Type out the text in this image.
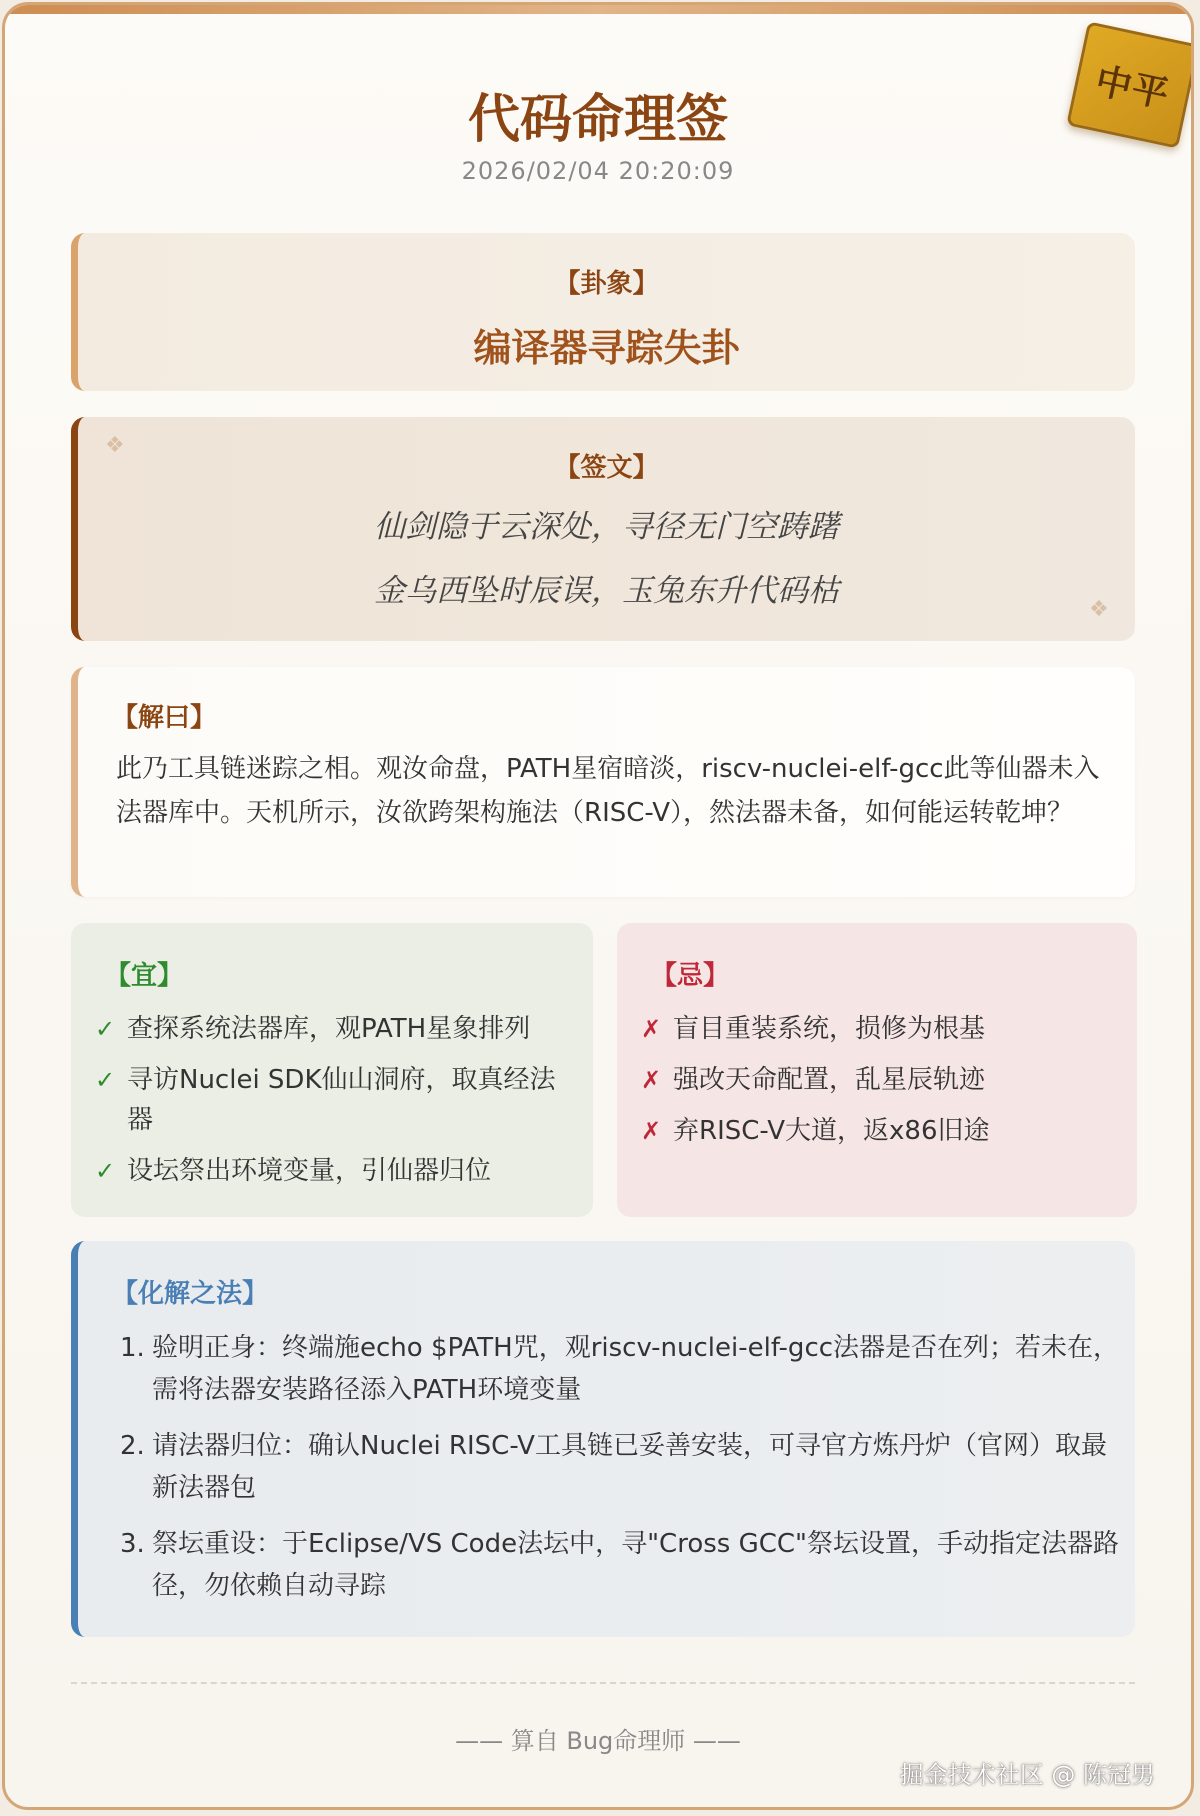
中平
代码命理签
2026/02/04 20:20:09
【卦象】
编译器寻踪失卦
❖
❖
【签文】
仙剑隐于云深处，寻径无门空踌躇
金乌西坠时辰误，玉兔东升代码枯
【解曰】
此乃工具链迷踪之相。观汝命盘，PATH星宿暗淡，riscv-nuclei-elf-gcc此等仙器未入法器库中。天机所示，汝欲跨架构施法（RISC-V），然法器未备，如何能运转乾坤？
【宜】
✓ 查探系统法器库，观PATH星象排列
✓ 寻访Nuclei SDK仙山洞府，取真经法器
✓ 设坛祭出环境变量，引仙器归位
【忌】
✗ 盲目重装系统，损修为根基
✗ 强改天命配置，乱星辰轨迹
✗ 弃RISC-V大道，返x86旧途
【化解之法】
1. 验明正身：终端施echo $PATH咒，观riscv-nuclei-elf-gcc法器是否在列；若未在，需将法器安装路径添入PATH环境变量
2. 请法器归位：确认Nuclei RISC-V工具链已妥善安装，可寻官方炼丹炉（官网）取最新法器包
3. 祭坛重设：于Eclipse/VS Code法坛中，寻"Cross GCC"祭坛设置，手动指定法器路径，勿依赖自动寻踪
—— 算自 Bug命理师 ——
掘金技术社区 @ 陈冠男
